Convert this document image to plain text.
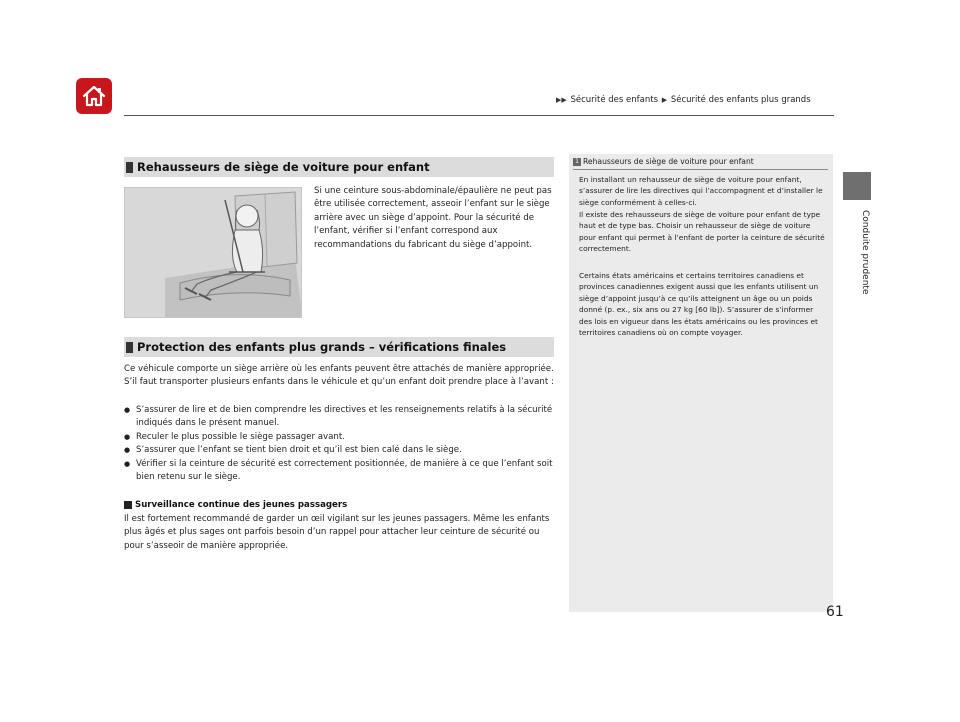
▶▶ Sécurité des enfants ▶ Sécurité des enfants plus grands
Conduite prudente
Rehausseurs de siège de voiture pour enfant

Si une ceinture sous-abdominale/épaulière ne peut pas être utilisée correctement, asseoir l’enfant sur le siège arrière avec un siège d’appoint. Pour la sécurité de l’enfant, vérifier si l’enfant correspond aux recommandations du fabricant du siège d’appoint.

Protection des enfants plus grands – vérifications finales

Ce véhicule comporte un siège arrière où les enfants peuvent être attachés de manière appropriée. S’il faut transporter plusieurs enfants dans le véhicule et qu’un enfant doit prendre place à l’avant :

● S’assurer de lire et de bien comprendre les directives et les renseignements relatifs à la sécurité indiqués dans le présent manuel.
● Reculer le plus possible le siège passager avant.
● S’assurer que l’enfant se tient bien droit et qu’il est bien calé dans le siège.
● Vérifier si la ceinture de sécurité est correctement positionnée, de manière à ce que l’enfant soit bien retenu sur le siège.
Surveillance continue des jeunes passagers

Il est fortement recommandé de garder un œil vigilant sur les jeunes passagers. Même les enfants plus âgés et plus sages ont parfois besoin d’un rappel pour attacher leur ceinture de sécurité ou pour s’asseoir de manière appropriée.

1 Rehausseurs de siège de voiture pour enfant

En installant un rehausseur de siège de voiture pour enfant, s’assurer de lire les directives qui l’accompagnent et d’installer le siège conformément à celles-ci.

Il existe des rehausseurs de siège de voiture pour enfant de type haut et de type bas. Choisir un rehausseur de siège de voiture pour enfant qui permet à l’enfant de porter la ceinture de sécurité correctement.

Certains états américains et certains territoires canadiens et provinces canadiennes exigent aussi que les enfants utilisent un siège d’appoint jusqu’à ce qu’ils atteignent un âge ou un poids donné (p. ex., six ans ou 27 kg [60 lb]). S’assurer de s’informer des lois en vigueur dans les états américains ou les provinces et territoires canadiens où on compte voyager.

61
